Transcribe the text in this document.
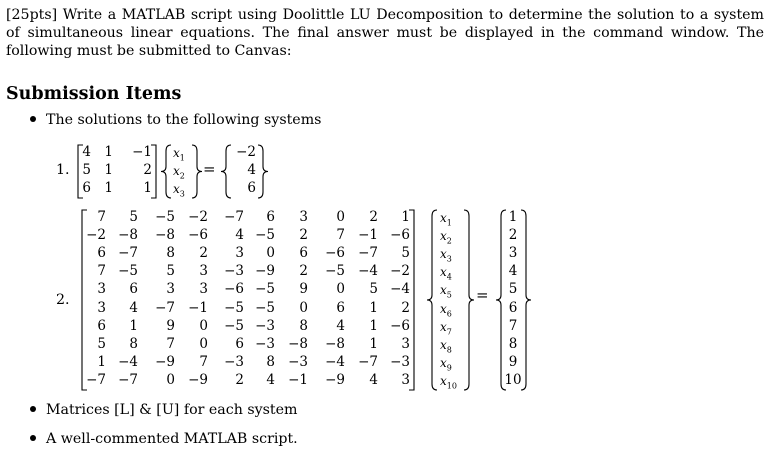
[25pts] Write a MATLAB script using Doolittle LU Decomposition to determine the solution to a system of simultaneous linear equations. The final answer must be displayed in the command window. The following must be submitted to Canvas:
Submission Items
The solutions to the following systems
1.
2.
4 1 −1
5 1 2
6 1 1
$x_1$
$x_2$
$x_3$
=
−2
4
6
7 5 −5 −2 −7 6 3 0 2 1
−2 −8 −8 −6 4 −5 2 7 −1 −6
6 −7 8 2 3 0 6 −6 −7 5
7 −5 5 3 −3 −9 2 −5 −4 −2
3 6 3 3 −6 −5 9 0 5 −4
3 4 −7 −1 −5 −5 0 6 1 2
6 1 9 0 −5 −3 8 4 1 −6
5 8 7 0 6 −3 −8 −8 1 3
1 −4 −9 7 −3 8 −3 −4 −7 −3
−7 −7 0 −9 2 4 −1 −9 4 3
$x_1$
$x_2$
$x_3$
$x_4$
$x_5$
$x_6$
$x_7$
$x_8$
$x_9$
$x_{10}$
=
1
2
3
4
5
6
7
8
9
10
Matrices [L] & [U] for each system
A well-commented MATLAB script.
